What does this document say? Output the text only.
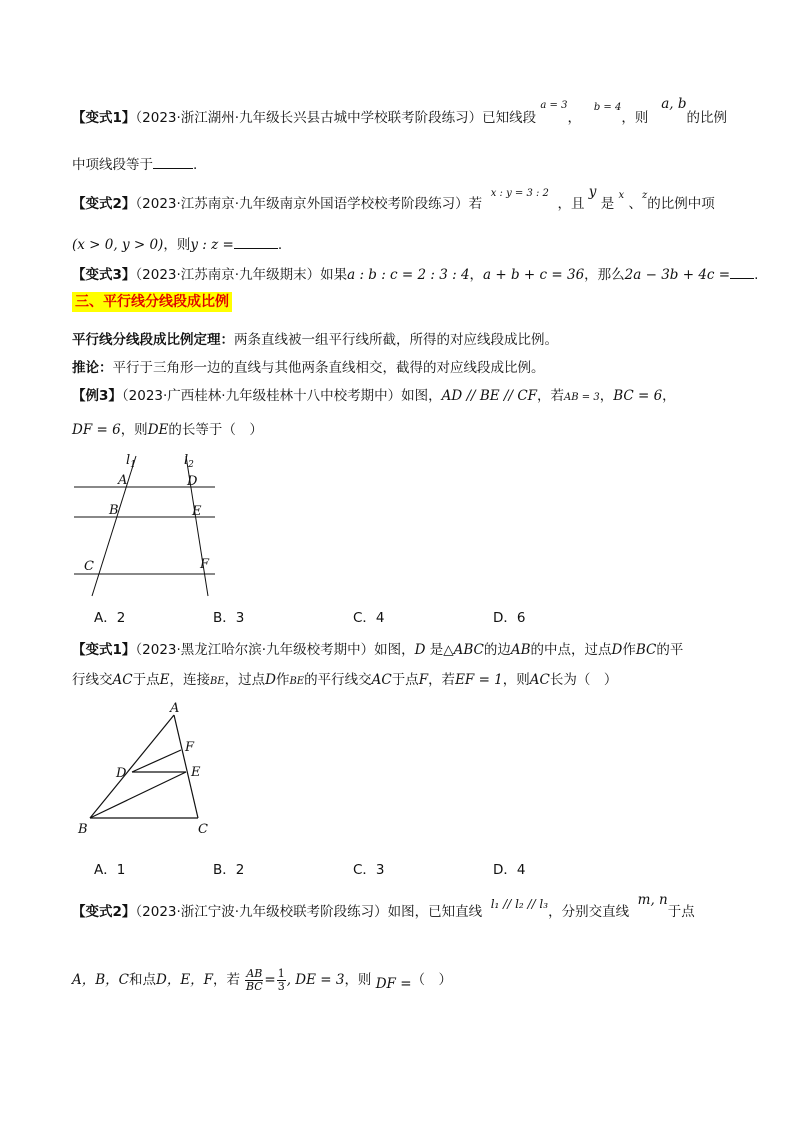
【变式1】（2023·浙江湖州·九年级长兴县古城中学校联考阶段练习）已知线段 $^{a = 3}$，   $^{b = 4}$，则   a, b的比例
中项线段等于	.
【变式2】（2023·江苏南京·九年级南京外国语学校校考阶段练习）若  $^{x : y = 3 : 2}$  ，且 y 是 $^x$ 、$^z$的比例中项
(x > 0, y > 0)，则y : z =	.
【变式3】（2023·江苏南京·九年级期末）如果a : b : c = 2 : 3 : 4，a + b + c = 36，那么2a − 3b + 4c = .
三、平行线分线段成比例
平行线分线段成比例定理：两条直线被一组平行线所截，所得的对应线段成比例。
推论：平行于三角形一边的直线与其他两条直线相交，截得的对应线段成比例。
【例3】（2023·广西桂林·九年级桂林十八中校考期中）如图，AD // BE // CF，若AB = 3，BC = 6，
DF = 6，则DE的长等于（　）
$l_1$	$l_2$
A
B
C
D
E
F
A．2	B．3	C．4	D．6
【变式1】（2023·黑龙江哈尔滨·九年级校考期中）如图，D 是△ABC的边AB的中点，过点D作BC的平
行线交AC于点E，连接BE，过点D作BE的平行线交AC于点F，若EF = 1，则AC长为（　）
A
B	C
D	E
F
A．1	B．2	C．3	D．4
【变式2】（2023·浙江宁波·九年级校联考阶段练习）如图，已知直线 l₁ // l₂ // l₃，分别交直线  m, n于点
A，B，C和点D，E，F，若 $\frac{AB}{BC} = \frac{1}{3}$ , DE = 3，则 DF =（　）
